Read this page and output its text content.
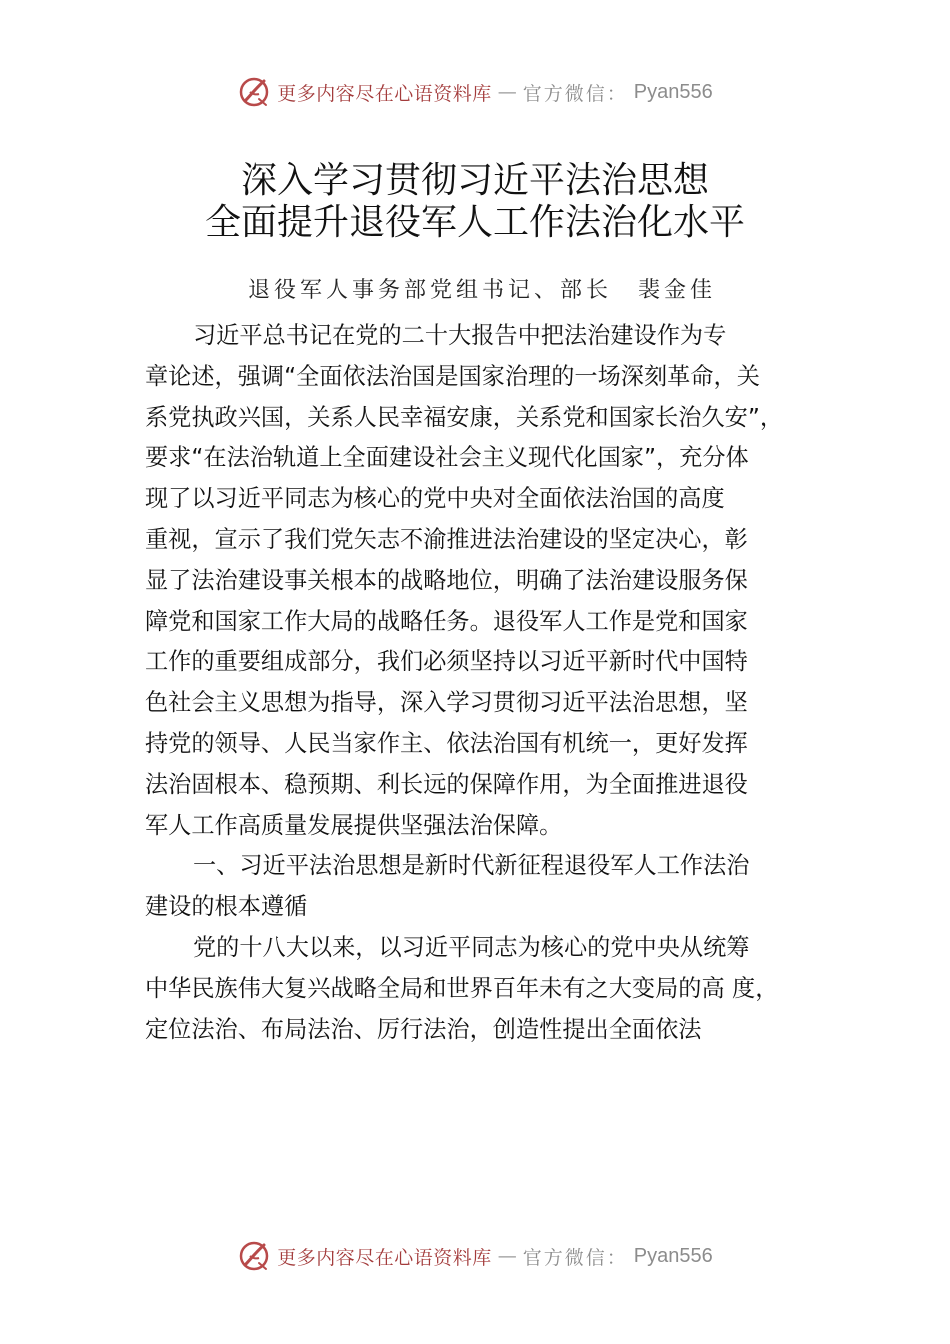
更多内容尽在心语资料库 — 官方微信： Pyan556
深入学习贯彻习近平法治思想
全面提升退役军人工作法治化水平
退役军人事务部党组书记、部长 裴金佳
习近平总书记在党的二十大报告中把法治建设作为专
章论述，强调“全面依法治国是国家治理的一场深刻革命，关
系党执政兴国，关系人民幸福安康，关系党和国家长治久安”，
要求“在法治轨道上全面建设社会主义现代化国家”，充分体
现了以习近平同志为核心的党中央对全面依法治国的高度
重视，宣示了我们党矢志不渝推进法治建设的坚定决心，彰
显了法治建设事关根本的战略地位，明确了法治建设服务保
障党和国家工作大局的战略任务。退役军人工作是党和国家
工作的重要组成部分，我们必须坚持以习近平新时代中国特
色社会主义思想为指导，深入学习贯彻习近平法治思想，坚
持党的领导、人民当家作主、依法治国有机统一，更好发挥
法治固根本、稳预期、利长远的保障作用，为全面推进退役
军人工作高质量发展提供坚强法治保障。
一、习近平法治思想是新时代新征程退役军人工作法治
建设的根本遵循
党的十八大以来，以习近平同志为核心的党中央从统筹
中华民族伟大复兴战略全局和世界百年未有之大变局的高 度，
定位法治、布局法治、厉行法治，创造性提出全面依法
更多内容尽在心语资料库 — 官方微信： Pyan556
